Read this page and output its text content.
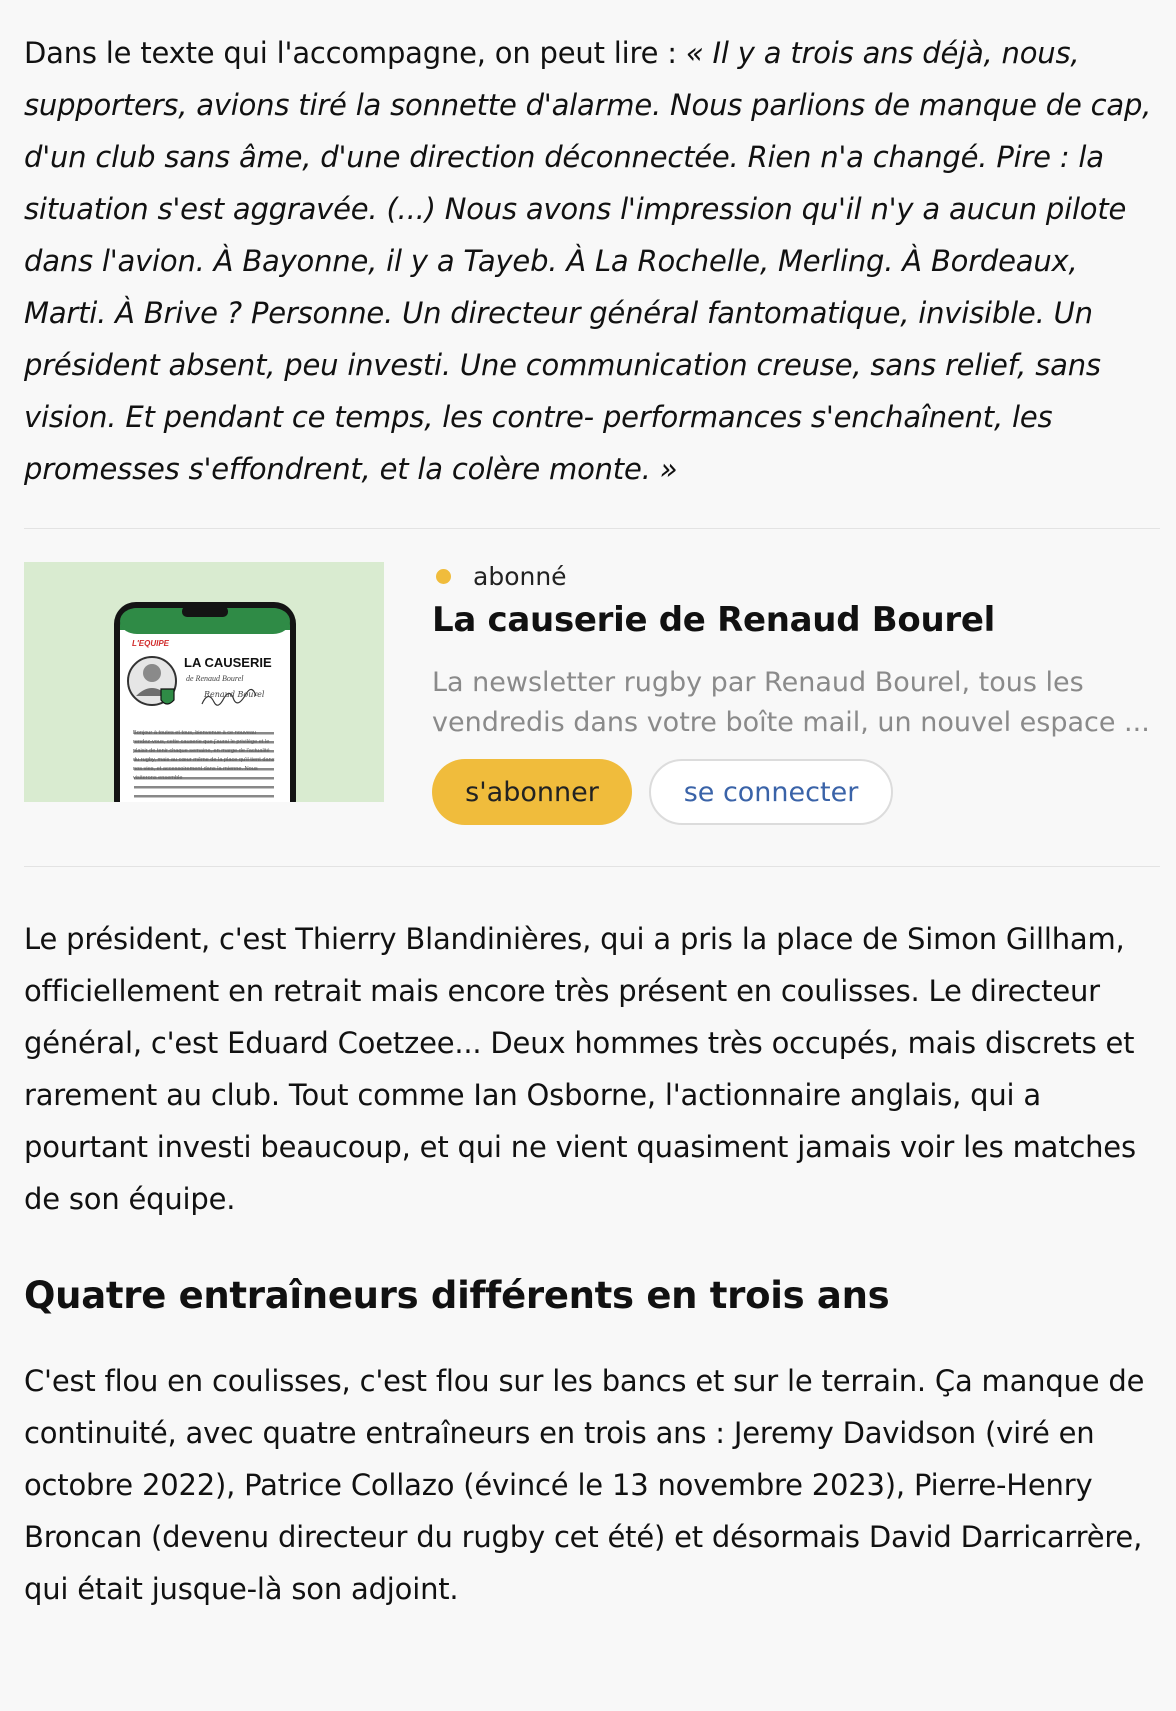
Dans le texte qui l'accompagne, on peut lire : « Il y a trois ans déjà, nous, supporters, avions tiré la sonnette d'alarme. Nous parlions de manque de cap, d'un club sans âme, d'une direction déconnectée. Rien n'a changé. Pire : la situation s'est aggravée. (...) Nous avons l'impression qu'il n'y a aucun pilote dans l'avion. À Bayonne, il y a Tayeb. À La Rochelle, Merling. À Bordeaux, Marti. À Brive ? Personne. Un directeur général fantomatique, invisible. Un président absent, peu investi. Une communication creuse, sans relief, sans vision. Et pendant ce temps, les contre- performances s'enchaînent, les promesses s'effondrent, et la colère monte. »

L'EQUIPE
LA CAUSERIE
de Renaud Bourel
Renaud Bourel
Bonjour à toutes et tous, bienvenue à ce nouveau rendez-vous, cette causerie que j'aurai le privilège et le plaisir de tenir chaque semaine, en marge de l'actualité du rugby, mais au cœur même de la place qu'il tient dans nos vies, et accessoirement dans la mienne. Nous visiterons ensemble
abonné
La causerie de Renaud Bourel
La newsletter rugby par Renaud Bourel, tous les vendredis dans votre boîte mail, un nouvel espace ...
s'abonner	se connecter

Le président, c'est Thierry Blandinières, qui a pris la place de Simon Gillham, officiellement en retrait mais encore très présent en coulisses. Le directeur général, c'est Eduard Coetzee... Deux hommes très occupés, mais discrets et rarement au club. Tout comme Ian Osborne, l'actionnaire anglais, qui a pourtant investi beaucoup, et qui ne vient quasiment jamais voir les matches de son équipe.

Quatre entraîneurs différents en trois ans

C'est flou en coulisses, c'est flou sur les bancs et sur le terrain. Ça manque de continuité, avec quatre entraîneurs en trois ans : Jeremy Davidson (viré en octobre 2022), Patrice Collazo (évincé le 13 novembre 2023), Pierre-Henry Broncan (devenu directeur du rugby cet été) et désormais David Darricarrère, qui était jusque-là son adjoint.
